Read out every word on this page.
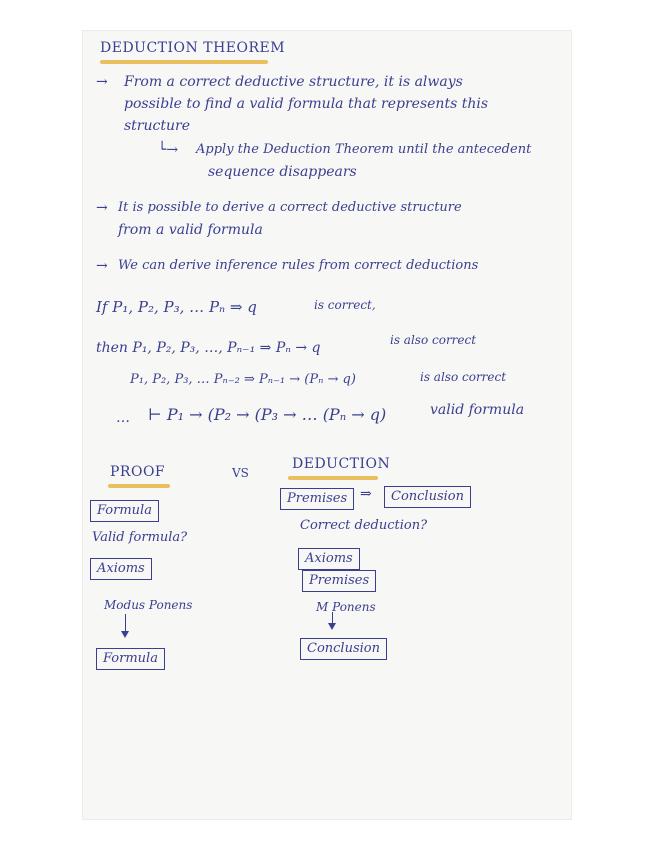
DEDUCTION THEOREM
→ From a correct deductive structure, it is always
possible to find a valid formula that represents this
structure
└→ Apply the Deduction Theorem until the antecedent
sequence disappears
→ It is possible to derive a correct deductive structure
from a valid formula
→ We can derive inference rules from correct deductions
If P₁, P₂, P₃, … Pₙ ⇒ q	is correct,
then P₁, P₂, P₃, …, Pₙ₋₁ ⇒ Pₙ → q	is also correct
P₁, P₂, P₃, … Pₙ₋₂ ⇒ Pₙ₋₁ → (Pₙ → q)	is also correct
… ⊢ P₁ → (P₂ → (P₃ → … (Pₙ → q)	valid formula
PROOF	VS
DEDUCTION
Formula
Valid formula?
Axioms
Modus Ponens
Formula
Premises ⇒	Conclusion
Correct deduction?
Axioms
Premises
M Ponens
Conclusion
